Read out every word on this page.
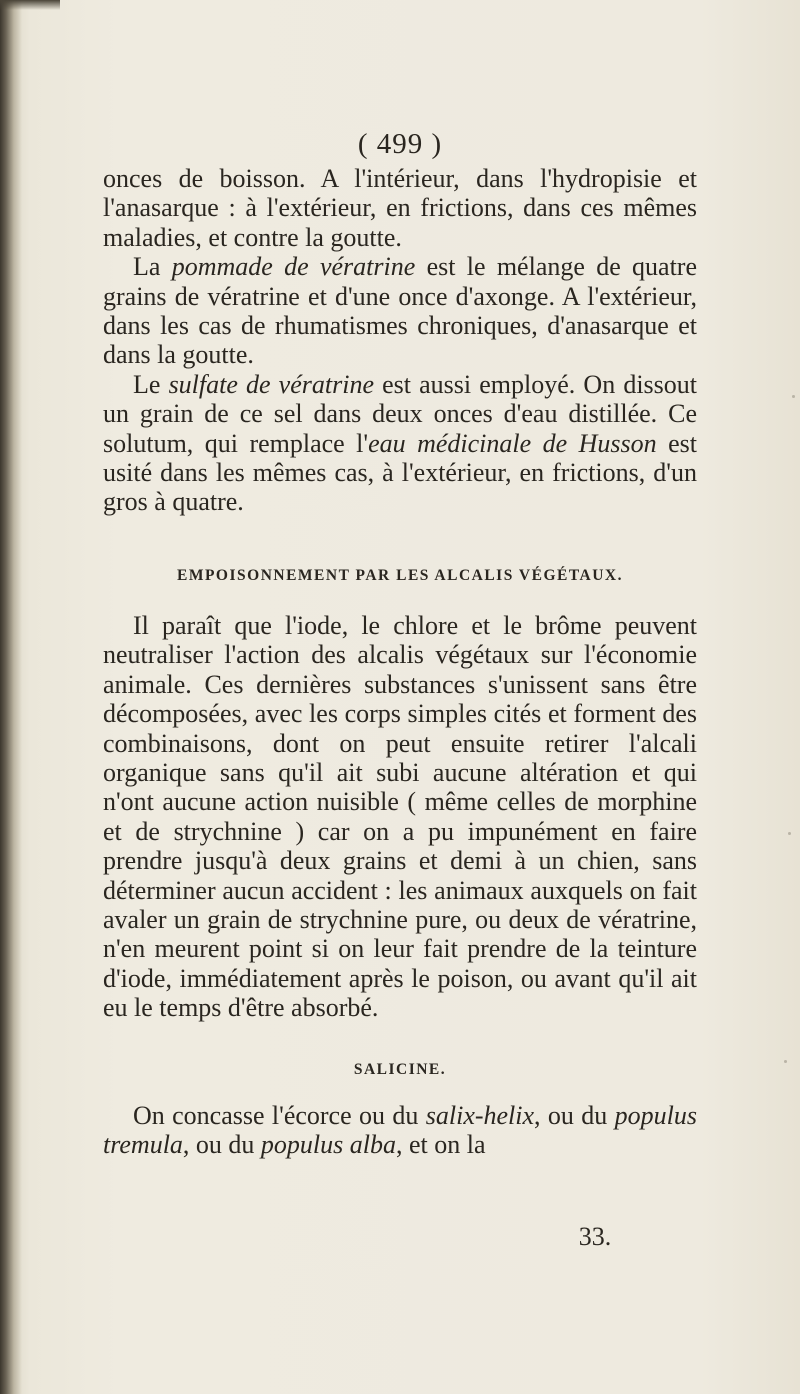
( 499 )

onces de boisson. A l'intérieur, dans l'hydropisie et l'anasarque : à l'extérieur, en frictions, dans ces mêmes maladies, et contre la goutte.

La pommade de vératrine est le mélange de quatre grains de vératrine et d'une once d'axonge. A l'extérieur, dans les cas de rhumatismes chroniques, d'anasarque et dans la goutte.

Le sulfate de vératrine est aussi employé. On dissout un grain de ce sel dans deux onces d'eau distillée. Ce solutum, qui remplace l'eau médicinale de Husson est usité dans les mêmes cas, à l'extérieur, en frictions, d'un gros à quatre.

EMPOISONNEMENT PAR LES ALCALIS VÉGÉTAUX.

Il paraît que l'iode, le chlore et le brôme peuvent neutraliser l'action des alcalis végétaux sur l'économie animale. Ces dernières substances s'unissent sans être décomposées, avec les corps simples cités et forment des combinaisons, dont on peut ensuite retirer l'alcali organique sans qu'il ait subi aucune altération et qui n'ont aucune action nuisible ( même celles de morphine et de strychnine ) car on a pu impunément en faire prendre jusqu'à deux grains et demi à un chien, sans déterminer aucun accident : les animaux auxquels on fait avaler un grain de strychnine pure, ou deux de vératrine, n'en meurent point si on leur fait prendre de la teinture d'iode, immédiatement après le poison, ou avant qu'il ait eu le temps d'être absorbé.

SALICINE.

On concasse l'écorce ou du salix-helix, ou du populus tremula, ou du populus alba, et on la

33.
